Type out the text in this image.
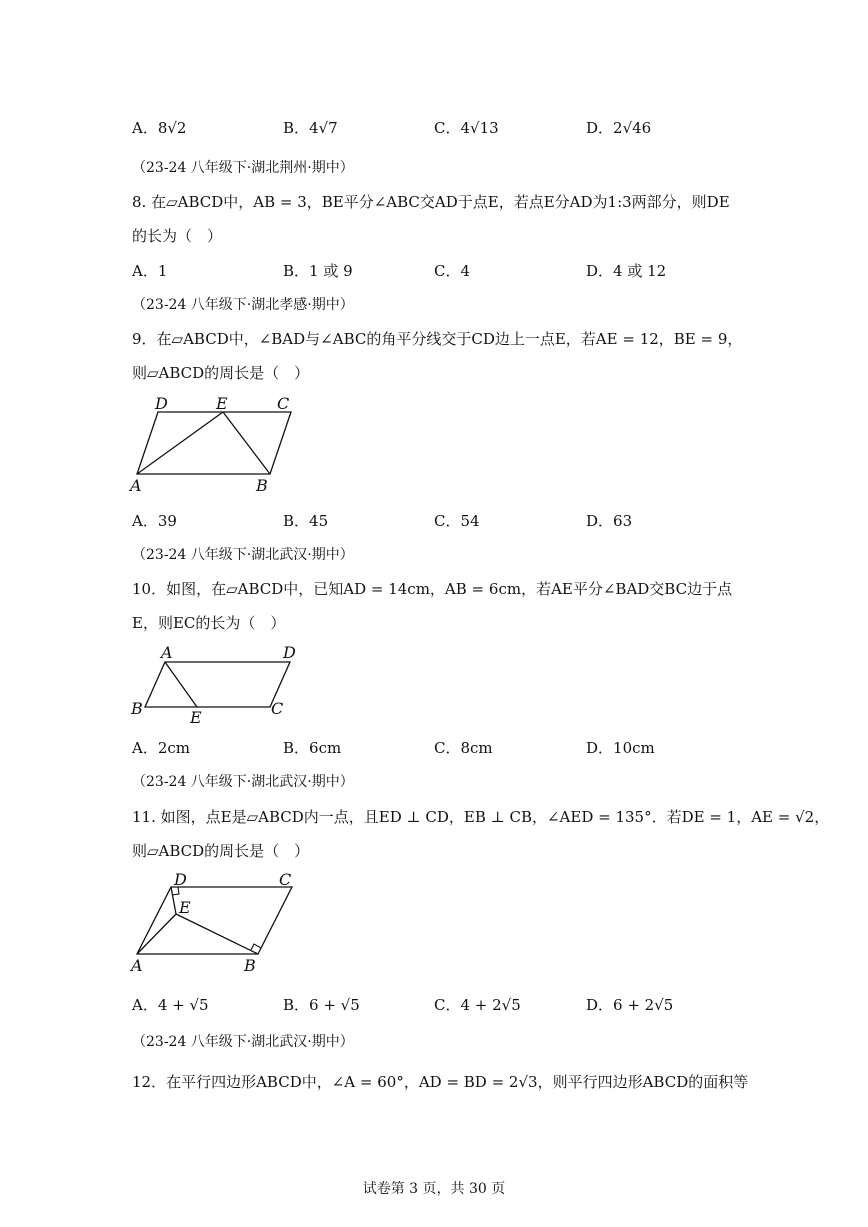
A．8√2	B．4√7	C．4√13	D．2√46
（23-24 八年级下·湖北荆州·期中）
8. 在▱ABCD中，AB = 3，BE平分∠ABC交AD于点E，若点E分AD为1:3两部分，则DE
的长为（　）
A．1	B．1 或 9	C．4	D．4 或 12
（23-24 八年级下·湖北孝感·期中）
9．在▱ABCD中，∠BAD与∠ABC的角平分线交于CD边上一点E，若AE = 12，BE = 9，
则▱ABCD的周长是（　）
D	E	C
A	B
A．39	B．45	C．54	D．63
（23-24 八年级下·湖北武汉·期中）
10．如图，在▱ABCD中，已知AD = 14cm，AB = 6cm，若AE平分∠BAD交BC边于点
E，则EC的长为（　）
A	D
B	E	C
A．2cm	B．6cm	C．8cm	D．10cm
（23-24 八年级下·湖北武汉·期中）
11. 如图，点E是▱ABCD内一点，且ED ⊥ CD，EB ⊥ CB，∠AED = 135°．若DE = 1，AE = √2，
则▱ABCD的周长是（　）
D	C
E
A	B
A．4 + √5	B．6 + √5	C．4 + 2√5	D．6 + 2√5
（23-24 八年级下·湖北武汉·期中）
12．在平行四边形ABCD中，∠A = 60°，AD = BD = 2√3，则平行四边形ABCD的面积等
试卷第 3 页，共 30 页
